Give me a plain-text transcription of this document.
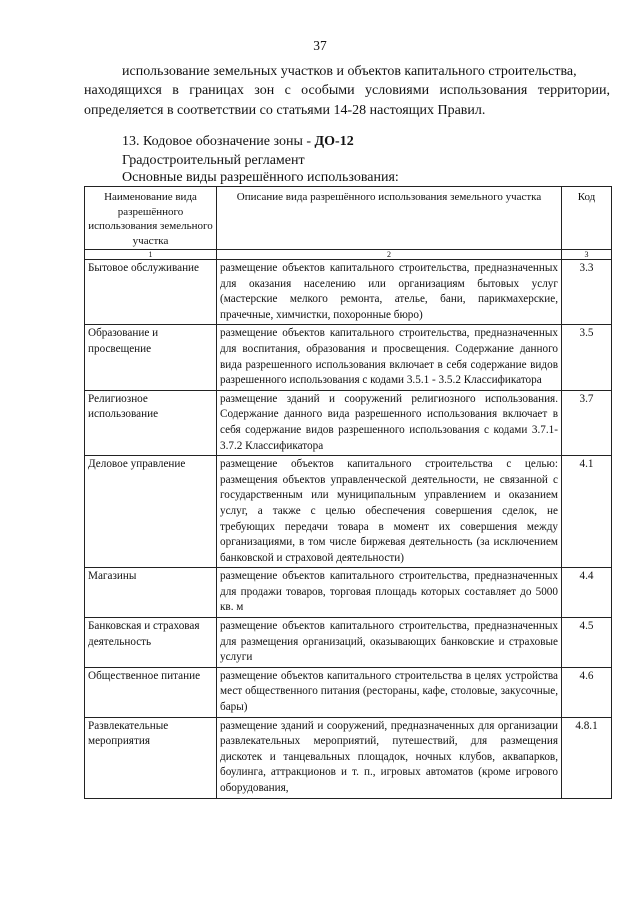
37
использование земельных участков и объектов капитального строительства,
находящихся в границах зон с особыми условиями использования территории, определяется в соответствии со статьями 14-28 настоящих Правил.
13. Кодовое обозначение зоны - ДО-12
Градостроительный регламент
Основные виды разрешённого использования:
Наименование вида разрешённого использования земельного участка	Описание вида разрешённого использования земельного участка	Код
1	2	3
Бытовое обслуживание	размещение объектов капитального строительства, предназначенных для оказания населению или организациям бытовых услуг (мастерские мелкого ремонта, ателье, бани, парикмахерские, прачечные, химчистки, похоронные бюро)	3.3
Образование и просвещение	размещение объектов капитального строительства, предназначенных для воспитания, образования и просвещения. Содержание данного вида разрешенного использования включает в себя содержание видов разрешенного использования с кодами 3.5.1 - 3.5.2 Классификатора	3.5
Религиозное использование	размещение зданий и сооружений религиозного использования. Содержание данного вида разрешенного использования включает в себя содержание видов разрешенного использования с кодами 3.7.1-3.7.2 Классификатора	3.7
Деловое управление	размещение объектов капитального строительства с целью: размещения объектов управленческой деятельности, не связанной с государственным или муниципальным управлением и оказанием услуг, а также с целью обеспечения совершения сделок, не требующих передачи товара в момент их совершения между организациями, в том числе биржевая деятельность (за исключением банковской и страховой деятельности)	4.1
Магазины	размещение объектов капитального строительства, предназначенных для продажи товаров, торговая площадь которых составляет до 5000 кв. м	4.4
Банковская и страховая деятельность	размещение объектов капитального строительства, предназначенных для размещения организаций, оказывающих банковские и страховые услуги	4.5
Общественное питание	размещение объектов капитального строительства в целях устройства мест общественного питания (рестораны, кафе, столовые, закусочные, бары)	4.6
Развлекательные мероприятия	размещение зданий и сооружений, предназначенных для организации развлекательных мероприятий, путешествий, для размещения дискотек и танцевальных площадок, ночных клубов, аквапарков, боулинга, аттракционов и т. п., игровых автоматов (кроме игрового оборудования,	4.8.1
